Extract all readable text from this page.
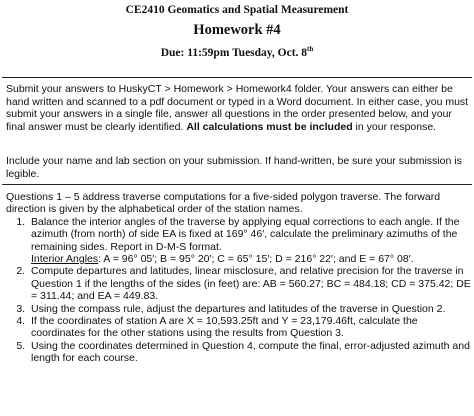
CE2410 Geomatics and Spatial Measurement
Homework #4
Due: 11:59pm Tuesday, Oct. 8th
Submit your answers to HuskyCT > Homework > Homework4 folder. Your answers can either be hand written and scanned to a pdf document or typed in a Word document. In either case, you must submit your answers in a single file, answer all questions in the order presented below, and your final answer must be clearly identified. All calculations must be included in your response.
Include your name and lab section on your submission. If hand-written, be sure your submission is legible.
Questions 1 – 5 address traverse computations for a five-sided polygon traverse. The forward direction is given by the alphabetical order of the station names.
1. Balance the interior angles of the traverse by applying equal corrections to each angle. If the azimuth (from north) of side EA is fixed at 169° 46′, calculate the preliminary azimuths of the remaining sides. Report in D-M-S format.
Interior Angles: A = 96° 05′; B = 95° 20′; C = 65° 15′; D = 216° 22′; and E = 67° 08′.
2. Compute departures and latitudes, linear misclosure, and relative precision for the traverse in Question 1 if the lengths of the sides (in feet) are: AB = 560.27; BC = 484.18; CD = 375.42; DE = 311.44; and EA = 449.83.
3. Using the compass rule, adjust the departures and latitudes of the traverse in Question 2.
4. If the coordinates of station A are X = 10,593.25ft and Y = 23,179.46ft, calculate the coordinates for the other stations using the results from Question 3.
5. Using the coordinates determined in Question 4, compute the final, error-adjusted azimuth and length for each course.
